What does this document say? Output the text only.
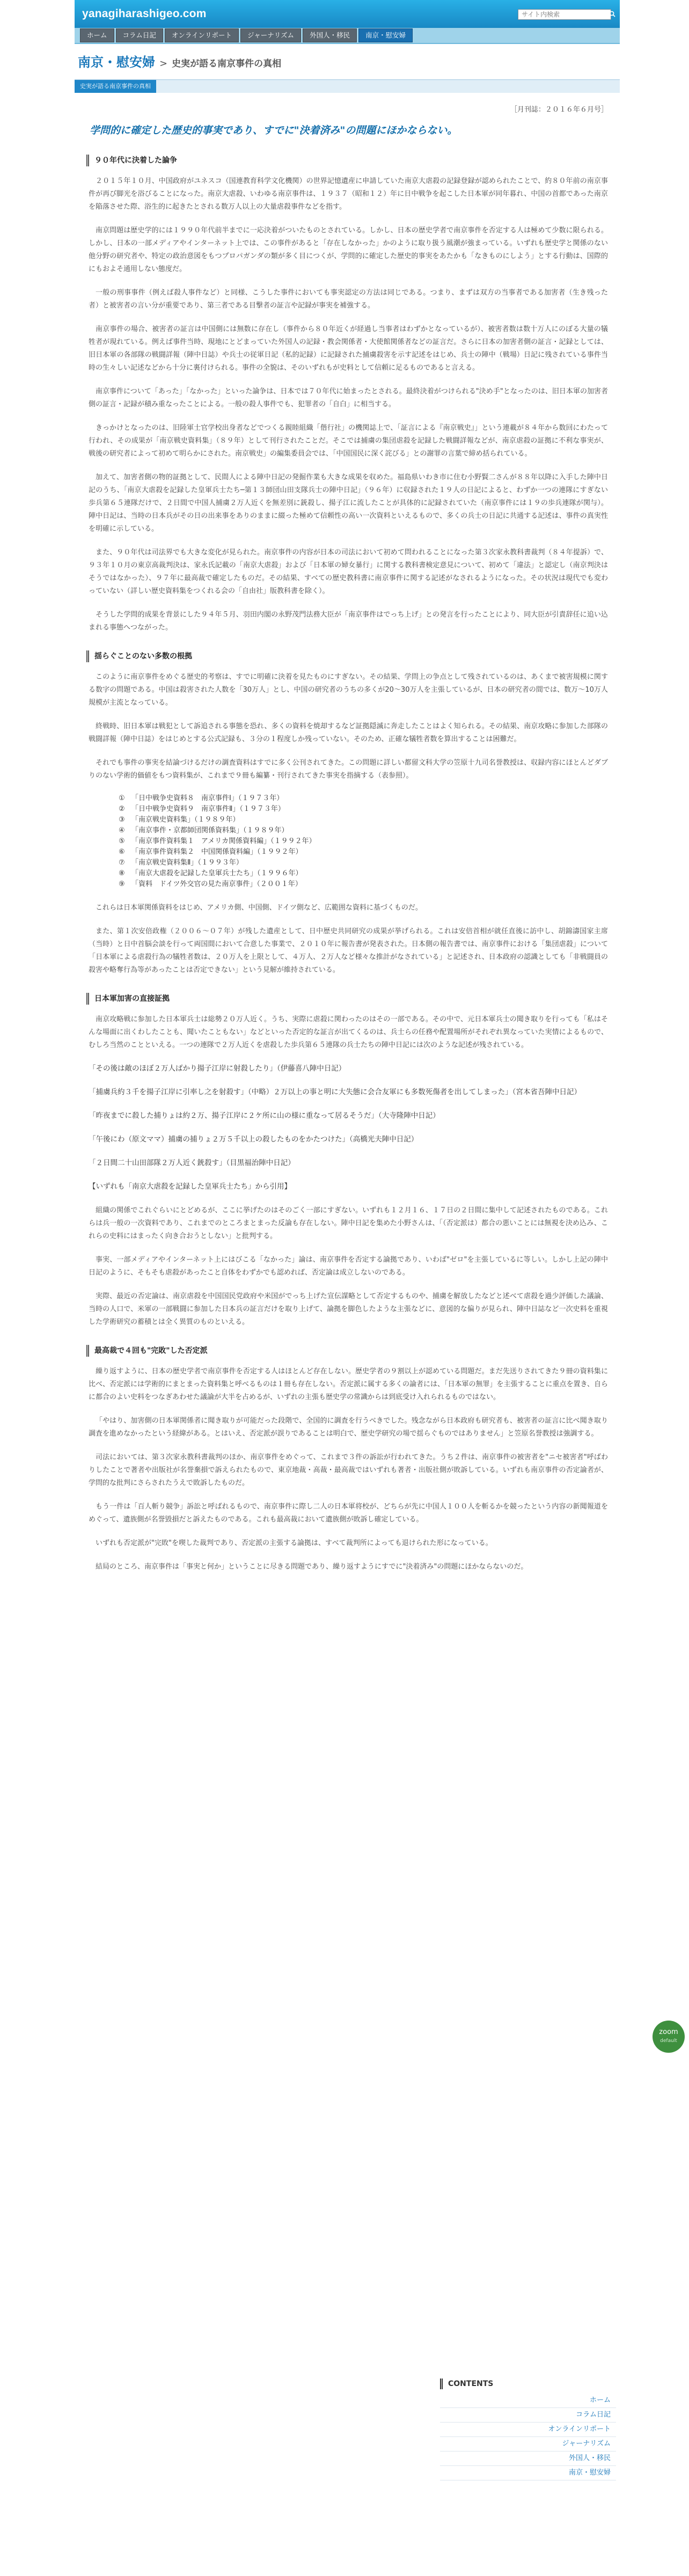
yanagiharashigeo.com
サイト内検索
ホーム	コラム日記	オンラインリポート	ジャーナリズム	外国人・移民	南京・慰安婦
南京・慰安婦 > 史実が語る南京事件の真相
史実が語る南京事件の真相
［月刊誌：２０１６年６月号］
学問的に確定した歴史的事実であり、すでに"決着済み"の問題にほかならない。
９０年代に決着した論争

２０１５年１０月、中国政府がユネスコ（国連教育科学文化機関）の世界記憶遺産に申請していた南京大虐殺の記録登録が認められたことで、約８０年前の南京事件が再び脚光を浴びることになった。南京大虐殺、いわゆる南京事件は、１９３７（昭和１２）年に日中戦争を起こした日本軍が同年暮れ、中国の首都であった南京を陥落させた際、浴生的に起きたとされる数万人以上の大量虐殺事件などを指す。

南京問題は歴史学的には１９９０年代前半までに一応決着がついたものとされている。しかし、日本の歴史学者で南京事件を否定する人は極めて少数に限られる。しかし、日本の一部メディアやインターネット上では、この事件があると「存在しなかった」かのように取り扱う風潮が強まっている。いずれも歴史学と関係のない他分野の研究者や、特定の政治意図をもつプロパガンダの類が多く目につくが、学問的に確定した歴史的事実をあたかも「なきものにしよう」とする行動は、国際的にもおよそ通用しない態度だ。

一般の刑事事件（例えば殺人事件など）と同様、こうした事件においても事実認定の方法は同じである。つまり、まずは双方の当事者である加害者（生き残った者）と被害者の言い分が重要であり、第三者である目撃者の証言や記録が事実を補強する。

南京事件の場合、被害者の証言は中国側には無数に存在し（事件から８０年近くが経過し当事者はわずかとなっているが）、被害者数は数十万人にのぼる大量の犠牲者が現れている。例えば事件当時、現地にとどまっていた外国人の記録・教会関係者・大使館関係者などの証言だ。さらに日本の加害者側の証言・記録としては、旧日本軍の各部隊の戦闘詳報（陣中日誌）や兵士の従軍日記（私的記録）に記録された捕虜殺害を示す記述をはじめ、兵士の陣中（戦場）日記に残されている事件当時の生々しい記述などから十分に裏付けられる。事件の全貌は、そのいずれもが史料として信頼に足るものであると言える。

南京事件について「あった」「なかった」といった論争は、日本では７０年代に始まったとされる。最終決着がつけられる"決め手"となったのは、旧日本軍の加害者側の証言・記録が積み重なったことによる。一般の殺人事件でも、犯罪者の「自白」に相当する。

きっかけとなったのは、旧陸軍士官学校出身者などでつくる親睦組織「偕行社」の機関誌上で、「証言による『南京戦史』」という連載が８４年から数回にわたって行われ、その成果が「南京戦史資料集」（８９年）として刊行されたことだ。そこでは捕虜の集団虐殺を記録した戦闘詳報などが、南京虐殺の証拠に不利な事実が、戦後の研究者によって初めて明らかにされた。南京戦史」の編集委員会では、「中国国民に深く詫びる」との謝罪の言葉で締め括られている。

加えて、加害者側の物的証拠として、民間人による陣中日記の発掘作業も大きな成果を収めた。福島県いわき市に住む小野賢二さんが８８年以降に入手した陣中日記のうち、「南京大虐殺を記録した皇軍兵士たち─第１３師団山田支隊兵士の陣中日記」（９６年）に収録された１９人の日記によると、わずか一つの連隊にすぎない歩兵第６５連隊だけで、２日間で中国人捕虜２万人近くを無差別に銃殺し、揚子江に流したことが具体的に記録されていた（南京事件には１９の歩兵連隊が関与）。陣中日記は、当時の日本兵がその日の出来事をありのままに綴った極めて信頼性の高い一次資料といえるもので、多くの兵士の日記に共通する記述は、事件の真実性を明確に示している。

また、９０年代は司法界でも大きな変化が見られた。南京事件の内容が日本の司法において初めて問われることになった第３次家永教科書裁判（８４年提訴）で、９３年１０月の東京高裁判決は、家永氏記載の「南京大虐殺」および「日本軍の婦女暴行」に関する教科書検定意見について、初めて「違法」と認定し（南京判決はそうではなかった）、９７年に最高裁で確定したものだ。その結果、すべての歴史教科書に南京事件に関する記述がなされるようになった。その状況は現代でも変わっていない（詳しい歴史資料集をつくれる会の「自由社」版教科書を除く）。

そうした学問的成果を背景にした９４年５月、羽田内閣の永野茂門法務大臣が「南京事件はでっち上げ」との発言を行ったことにより、同大臣が引責辞任に追い込まれる事態へつながった。

揺らぐことのない多数の根拠

このように南京事件をめぐる歴史的考察は、すでに明確に決着を見たものにすぎない。その結果、学問上の争点として残されているのは、あくまで被害規模に関する数字の問題である。中国は殺害された人数を「30万人」とし、中国の研究者のうちの多くが20～30万人を主張しているが、日本の研究者の間では、数万～10万人規模が主流となっている。

終戦時、旧日本軍は戦犯として訴追される事態を恐れ、多くの資料を焼却するなど証拠隠滅に奔走したことはよく知られる。その結果、南京攻略に参加した部隊の戦闘詳報（陣中日誌）をはじめとする公式記録も、３分の１程度しか残っていない。そのため、正確な犠牲者数を算出することは困難だ。

それでも事件の事実を結論づけるだけの調査資料はすでに多く公刊されてきた。この問題に詳しい都留文科大学の笠原十九司名誉教授は、収録内容にほとんどダブりのない学術的価値をもつ資料集が、これまで９冊も編纂・刊行されてきた事実を指摘する（表参照）。

① 「日中戦争史資料８　南京事件Ⅰ」（１９７３年）
② 「日中戦争史資料９　南京事件Ⅱ」（１９７３年）
③ 「南京戦史資料集」（１９８９年）
④ 「南京事件・京都師団関係資料集」（１９８９年）
⑤ 「南京事件資料集１　アメリカ関係資料編」（１９９２年）
⑥ 「南京事件資料集２　中国関係資料編」（１９９２年）
⑦ 「南京戦史資料集Ⅱ」（１９９３年）
⑧ 「南京大虐殺を記録した皇軍兵士たち」（１９９６年）
⑨ 「資料　ドイツ外交官の見た南京事件」（２００１年）

これらは日本軍関係資料をはじめ、アメリカ側、中国側、ドイツ側など、広範囲な資料に基づくものだ。

また、第１次安倍政権（２００６～０７年）が残した遺産として、日中歴史共同研究の成果が挙げられる。これは安倍首相が就任直後に訪中し、胡錦濤国家主席（当時）と日中首脳会談を行って両国間において合意した事業で、２０１０年に報告書が発表された。日本側の報告書では、南京事件における「集団虐殺」について「日本軍による虐殺行為の犠牲者数は、２０万人を上限として、４万人、２万人など様々な推計がなされている」と記述され、日本政府の認識としても「非戦闘員の殺害や略奪行為等があったことは否定できない」という見解が維持されている。

日本軍加害の直接証拠

南京攻略戦に参加した日本軍兵士は総勢２０万人近く。うち、実際に虐殺に関わったのはその一部である。その中で、元日本軍兵士の聞き取りを行っても「私はそんな場面に出くわしたことも、聞いたこともない」などといった否定的な証言が出てくるのは、兵士らの任務や配置場所がそれぞれ異なっていた実情によるもので、むしろ当然のことといえる。一つの連隊で２万人近くを虐殺した歩兵第６５連隊の兵士たちの陣中日記には次のような記述が残されている。

「その後は敵のほぼ２万人ばかり揚子江岸に射殺したり」（伊藤喜八陣中日記）
「捕虜兵約３千を揚子江岸に引率し之を射殺す」（中略）２万以上の事と明に大失態に会合友軍にも多数死傷者を出してしまった」（宮本省吾陣中日記）
「昨夜までに殺した捕りょは約２万、揚子江岸に２ケ所に山の様に重なって居るそうだ」（大寺隆陣中日記）
「午後にわ（原文ママ）捕虜の捕りょ２万５千以上の殺したものをかたつけた」（高橋光夫陣中日記）
「２日間二十山田部隊２万人近く銃殺す」（目黒福治陣中日記）
【いずれも「南京大虐殺を記録した皇軍兵士たち」から引用】

組織の関係でこれぐらいにとどめるが、ここに挙げたのはそのごく一部にすぎない。いずれも１２月１６、１７日の２日間に集中して記述されたものである。これらは兵一般の一次資料であり、これまでのところまとまった反論も存在しない。陣中日記を集めた小野さんは、「（否定派は）都合の悪いことには無視を決め込み、これらの史料にはまったく向き合おうとしない」と批判する。

事実、一部メディアやインターネット上にはびこる「なかった」論は、南京事件を否定する論拠であり、いわば"ゼロ"を主張しているに等しい。しかし上記の陣中日記のように、そもそも虐殺があったこと自体をわずかでも認めれば、否定論は成立しないのである。

実際、最近の否定論は、南京虐殺を中国国民党政府や米国がでっち上げた宣伝謀略として否定するものや、捕虜を解放したなどと述べて虐殺を過少評価した議論、当時の人口で、米軍の一部戦闘に参加した日本兵の証言だけを取り上げて、論拠を脚色したような主張などに、意図的な偏りが見られ、陣中日誌など一次史料を重視した学術研究の蓄積とは全く異質のものといえる。

最高裁で４回も"完敗"した否定派

繰り返すように、日本の歴史学者で南京事件を否定する人はほとんど存在しない。歴史学者の９割以上が認めている問題だ。まだ先送りされてきた９冊の資料集に比べ、否定派には学術的にまとまった資料集と呼べるものは１冊も存在しない。否定派に属する多くの論者には、「日本軍の無罪」を主張することに重点を置き、自らに都合のよい史料をつなぎあわせた議論が大半を占めるが、いずれの主張も歴史学の常識からは到底受け入れられるものではない。

「やはり、加害側の日本軍関係者に聞き取りが可能だった段階で、全国的に調査を行うべきでした。残念ながら日本政府も研究者も、被害者の証言に比べ聞き取り調査を進めなかったという経緯がある。とはいえ、否定派が誤りであることは明白で、歴史学研究の場で揺らぐものではありません」と笠原名誉教授は強調する。

司法においては、第３次家永教科書裁判のほか、南京事件をめぐって、これまで３件の訴訟が行われてきた。うち２件は、南京事件の被害者を"ニセ被害者"呼ばわりしたことで著者や出版社が名誉棄損で訴えられたもので、東京地裁・高裁・最高裁ではいずれも著者・出版社側が敗訴している。いずれも南京事件の否定論者が、学問的な批判にさらされたうえで敗訴したものだ。

もう一件は「百人斬り競争」訴訟と呼ばれるもので、南京事件に際し二人の日本軍将校が、どちらが先に中国人１００人を斬るかを競ったという内容の新聞報道をめぐって、遺族側が名誉毀損だと訴えたものである。これも最高裁において遺族側が敗訴し確定している。

いずれも否定派が"完敗"を喫した裁判であり、否定派の主張する論拠は、すべて裁判所によっても退けられた形になっている。

結局のところ、南京事件は「事実と何か」ということに尽きる問題であり、繰り返すようにすでに"決着済み"の問題にほかならないのだ。

CONTENTS
ホーム
コラム日記
オンラインリポート
ジャーナリズム
外国人・移民
南京・慰安婦
zoom
default
